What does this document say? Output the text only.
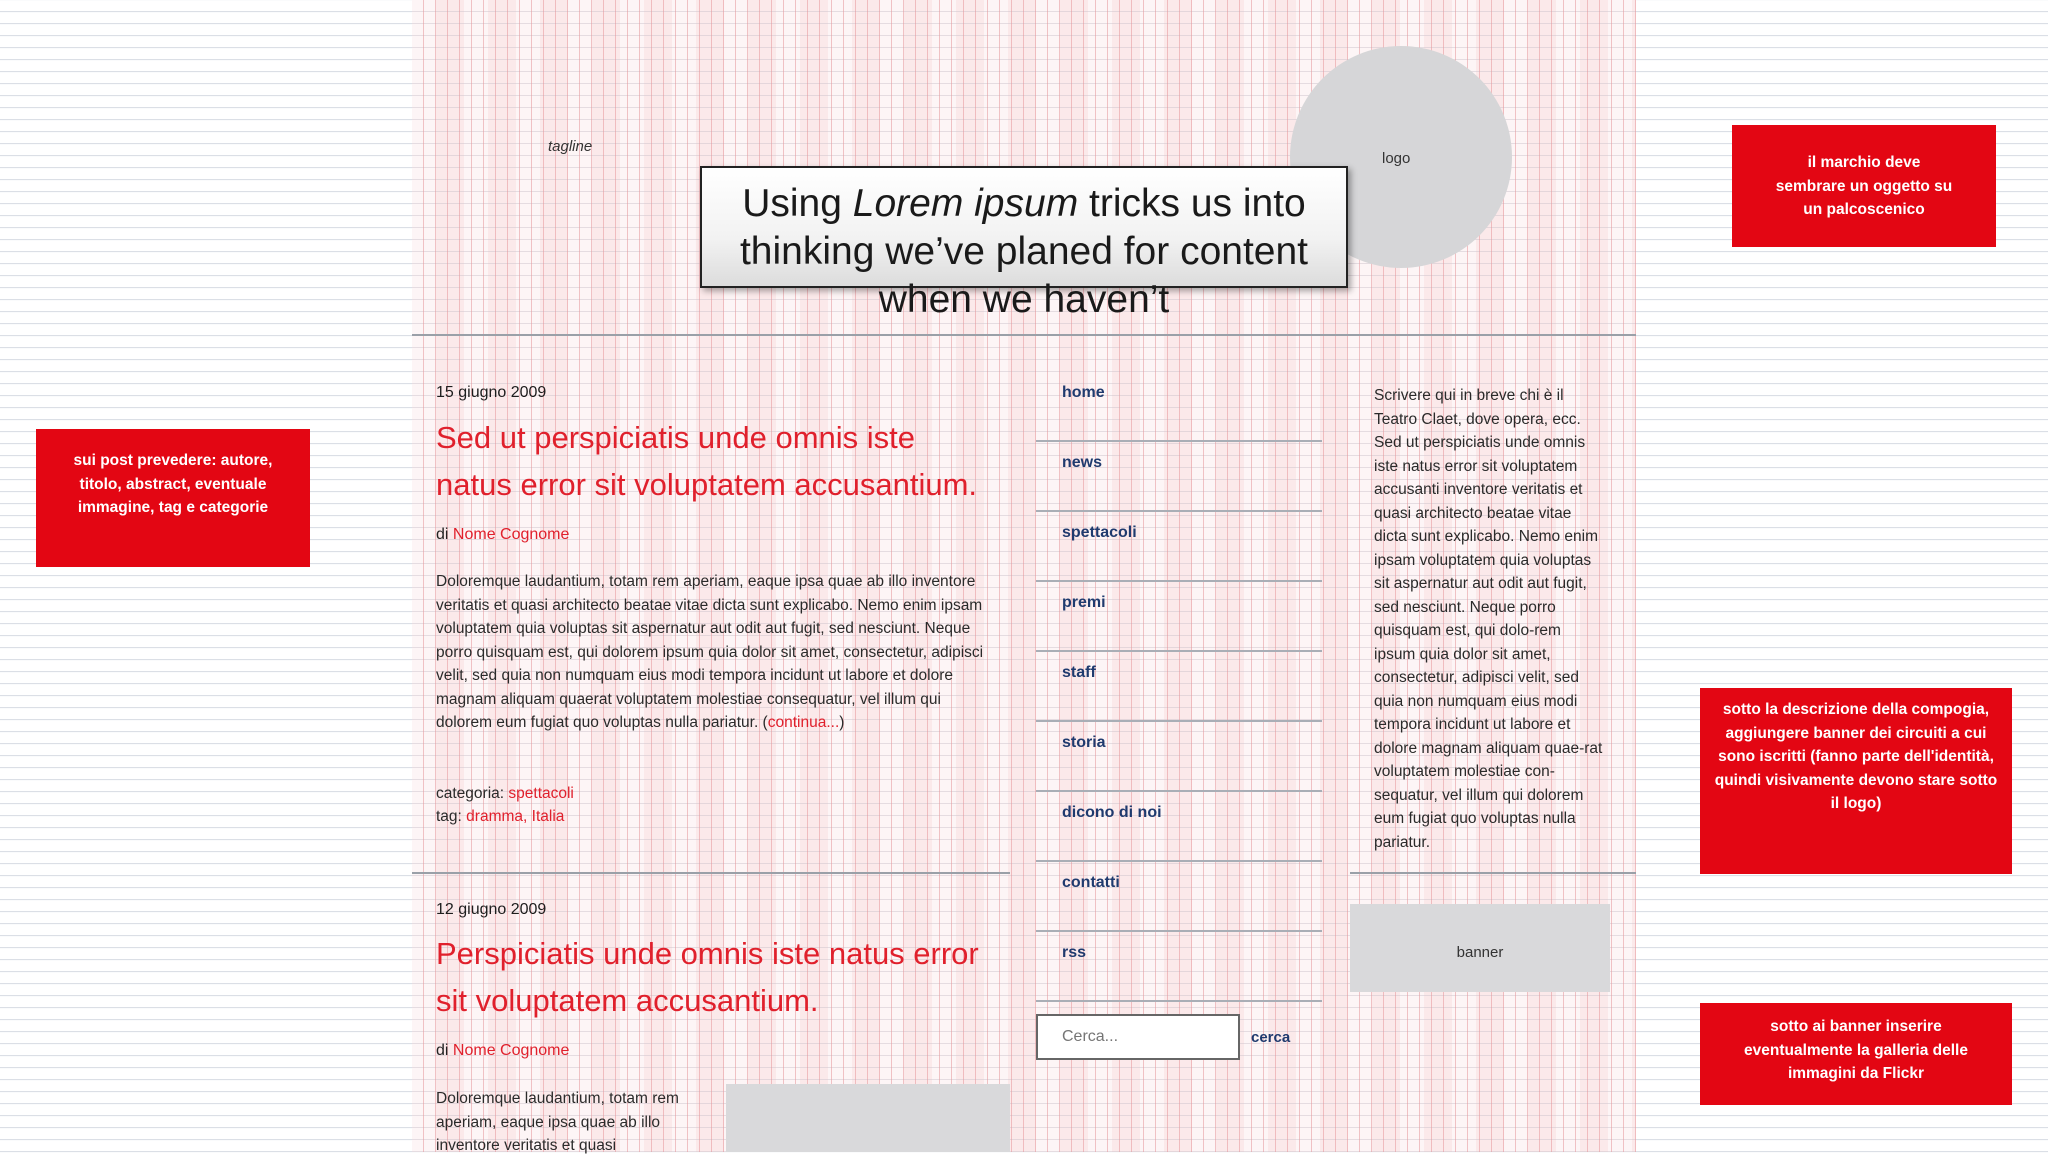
tagline
logo
Using Lorem ipsum tricks us into thinking we’ve planed for content when we haven’t
15 giugno 2009
Sed ut perspiciatis unde omnis iste natus error sit voluptatem accusantium.
di Nome Cognome
Doloremque laudantium, totam rem aperiam, eaque ipsa quae ab illo inventore veritatis et quasi architecto beatae vitae dicta sunt explicabo. Nemo enim ipsam voluptatem quia voluptas sit aspernatur aut odit aut fugit, sed nesciunt. Neque porro quisquam est, qui dolorem ipsum quia dolor sit amet, consectetur, adipisci velit, sed quia non numquam eius modi tempora incidunt ut labore et dolore magnam aliquam quaerat voluptatem molestiae consequatur, vel illum qui dolorem eum fugiat quo voluptas nulla pariatur. (continua...)
categoria: spettacoli
tag: dramma, Italia
12 giugno 2009
Perspiciatis unde omnis iste natus error sit voluptatem accusantium.
di Nome Cognome
Doloremque laudantium, totam rem aperiam, eaque ipsa quae ab illo inventore veritatis et quasi
home
news
spettacoli
premi
staff
storia
dicono di noi
contatti
rss
Cerca...
cerca
Scrivere qui in breve chi è il Teatro Claet, dove opera, ecc. Sed ut perspiciatis unde omnis iste natus error sit voluptatem accusanti inventore veritatis et quasi architecto beatae vitae dicta sunt explicabo. Nemo enim ipsam voluptatem quia voluptas sit aspernatur aut odit aut fugit, sed nesciunt. Neque porro quisquam est, qui dolo-rem ipsum quia dolor sit amet, consectetur, adipisci velit, sed quia non numquam eius modi tempora incidunt ut labore et dolore magnam aliquam quae-rat voluptatem molestiae con-sequatur, vel illum qui dolorem eum fugiat quo voluptas nulla pariatur.
banner
sui post prevedere: autore, titolo, abstract, eventuale immagine, tag e categorie
il marchio deve sembrare un oggetto su un palcoscenico
sotto la descrizione della compogia, aggiungere banner dei circuiti a cui sono iscritti (fanno parte dell'identità, quindi visivamente devono stare sotto il logo)
sotto ai banner inserire eventualmente la galleria delle immagini da Flickr
